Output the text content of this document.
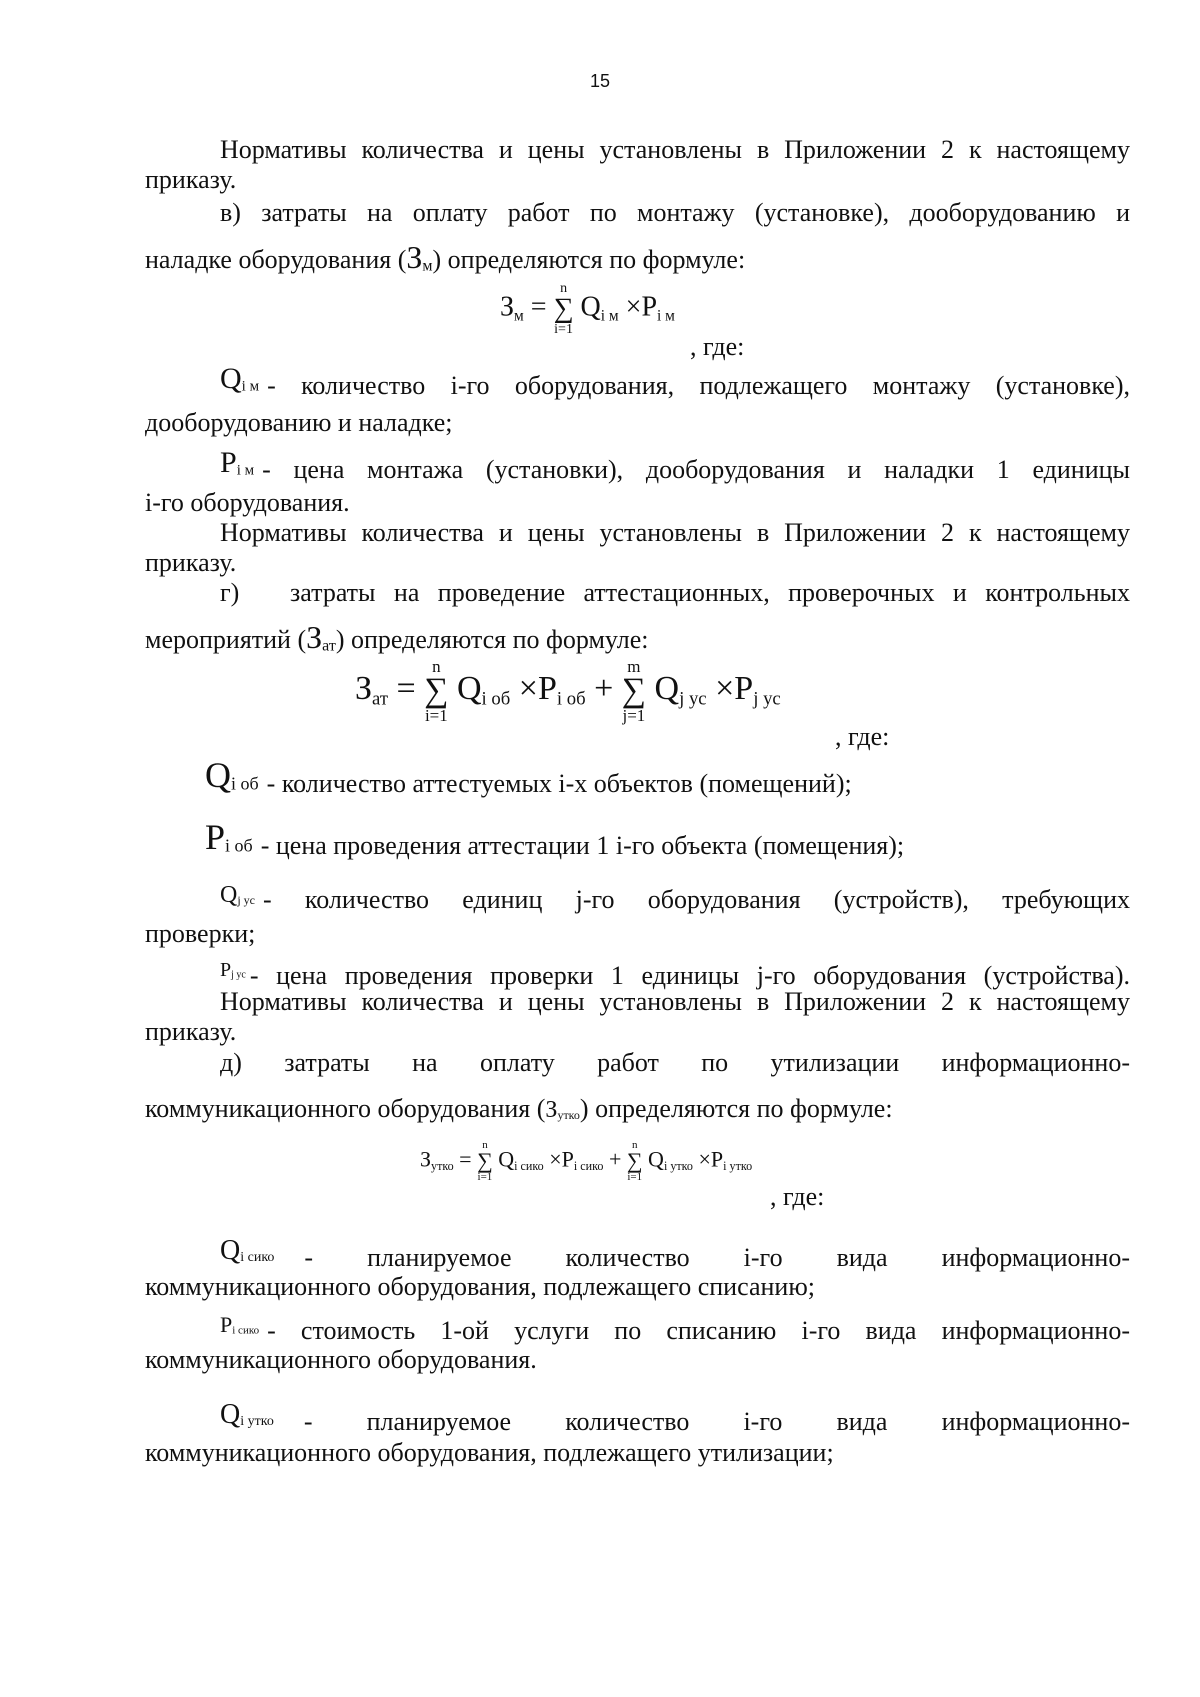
15
Нормативы количества и цены установлены в Приложении 2 к настоящему
приказу.
в) затраты на оплату работ по монтажу (установке), дооборудованию и
наладке оборудования $(З_м)$ определяются по формуле:
$З_м$ =
n
∑
i=1
$Q_{i м} \times P_{i м}$
, где:
$Q_{i м}$ - количество i-го оборудования, подлежащего монтажу (установке),
дооборудованию и наладке;
$P_{i м}$ - цена монтажа (установки), дооборудования и наладки 1 единицы
i-го оборудования.
Нормативы количества и цены установлены в Приложении 2 к настоящему
приказу.
г) затраты на проведение аттестационных, проверочных и контрольных
мероприятий $(З_{ат})$ определяются по формуле:
$З_{ат}$ =
n
∑
i=1
$Q_{i об} \times P_{i об}$ +
m
∑
j=1
$Q_{j ус} \times P_{j ус}$
, где:
$Q_{i об}$ - количество аттестуемых i-х объектов (помещений);
$P_{i об}$ - цена проведения аттестации 1 i-го объекта (помещения);
$Q_{j ус}$ - количество единиц j-го оборудования (устройств), требующих
проверки;
$P_{j ус}$ - цена проведения проверки 1 единицы j-го оборудования (устройства).
Нормативы количества и цены установлены в Приложении 2 к настоящему
приказу.
д) затраты на оплату работ по утилизации информационно-
коммуникационного оборудования $(З_{утко})$ определяются по формуле:
$З_{утко}$ =
n
∑
i=1
$Q_{i сико} \times P_{i сико}$ +
n
∑
i=1
$Q_{i утко} \times P_{i утко}$
, где:
$Q_{i сико}$ - планируемое количество i-го вида информационно-
коммуникационного оборудования, подлежащего списанию;
$P_{i сико}$ - стоимость 1-ой услуги по списанию i-го вида информационно-
коммуникационного оборудования.
$Q_{i утко}$ - планируемое количество i-го вида информационно-
коммуникационного оборудования, подлежащего утилизации;
